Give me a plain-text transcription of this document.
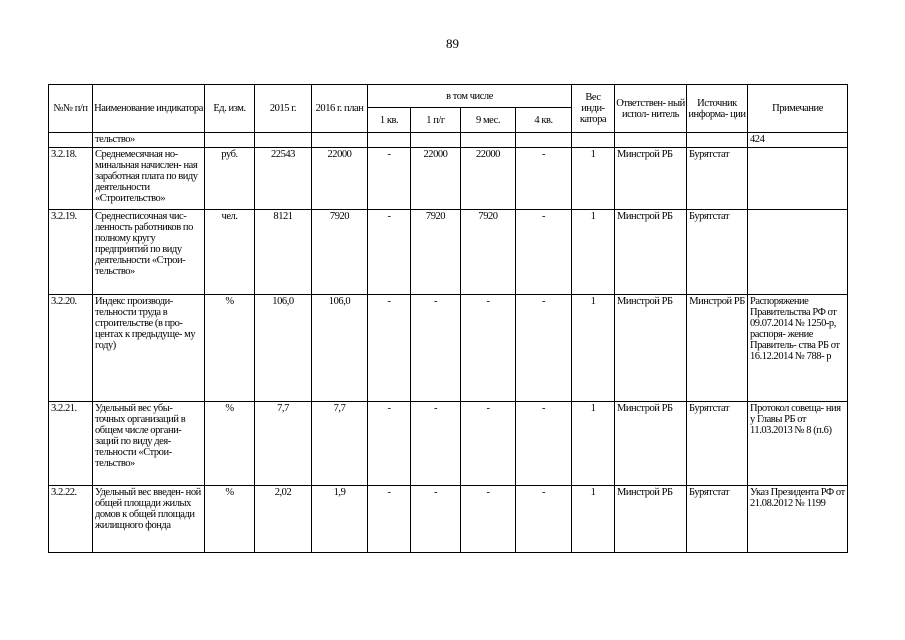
89
№№ п/п	Наименование индикатора	Ед. изм.	2015 г.	2016 г. план	в том числе				Вес инди- катора	Ответствен- ный испол- нитель	Источник информа- ции	Примечание
					1 кв.	1 п/г	9 мес.	4 кв.				
	тельство»											424
3.2.18.	Среднемесячная но- минальная начислен- ная заработная плата по виду деятельности «Строительство»	руб.	22543	22000	-	22000	22000	-	1	Минстрой РБ	Бурятстат	
3.2.19.	Среднесписочная чис- ленность работников по полному кругу предприятий по виду деятельности «Строи- тельство»	чел.	8121	7920	-	7920	7920	-	1	Минстрой РБ	Бурятстат	
3.2.20.	Индекс производи- тельности труда в строительстве (в про- центах к предыдуще- му году)	%	106,0	106,0	-	-	-	-	1	Минстрой РБ	Минстрой РБ	Распоряжение Правительства РФ от 09.07.2014 № 1250-р, распоря- жение Правитель- ства РБ от 16.12.2014 № 788- р
3.2.21.	Удельный вес убы- точных организаций в общем числе органи- заций по виду дея- тельности «Строи- тельство»	%	7,7	7,7	-	-	-	-	1	Минстрой РБ	Бурятстат	Протокол совеща- ния у Главы РБ от 11.03.2013 № 8 (п.6)
3.2.22.	Удельный вес введен- ной общей площади жилых домов к общей площади жилищного фонда	%	2,02	1,9	-	-	-	-	1	Минстрой РБ	Бурятстат	Указ Президента РФ от 21.08.2012 № 1199
